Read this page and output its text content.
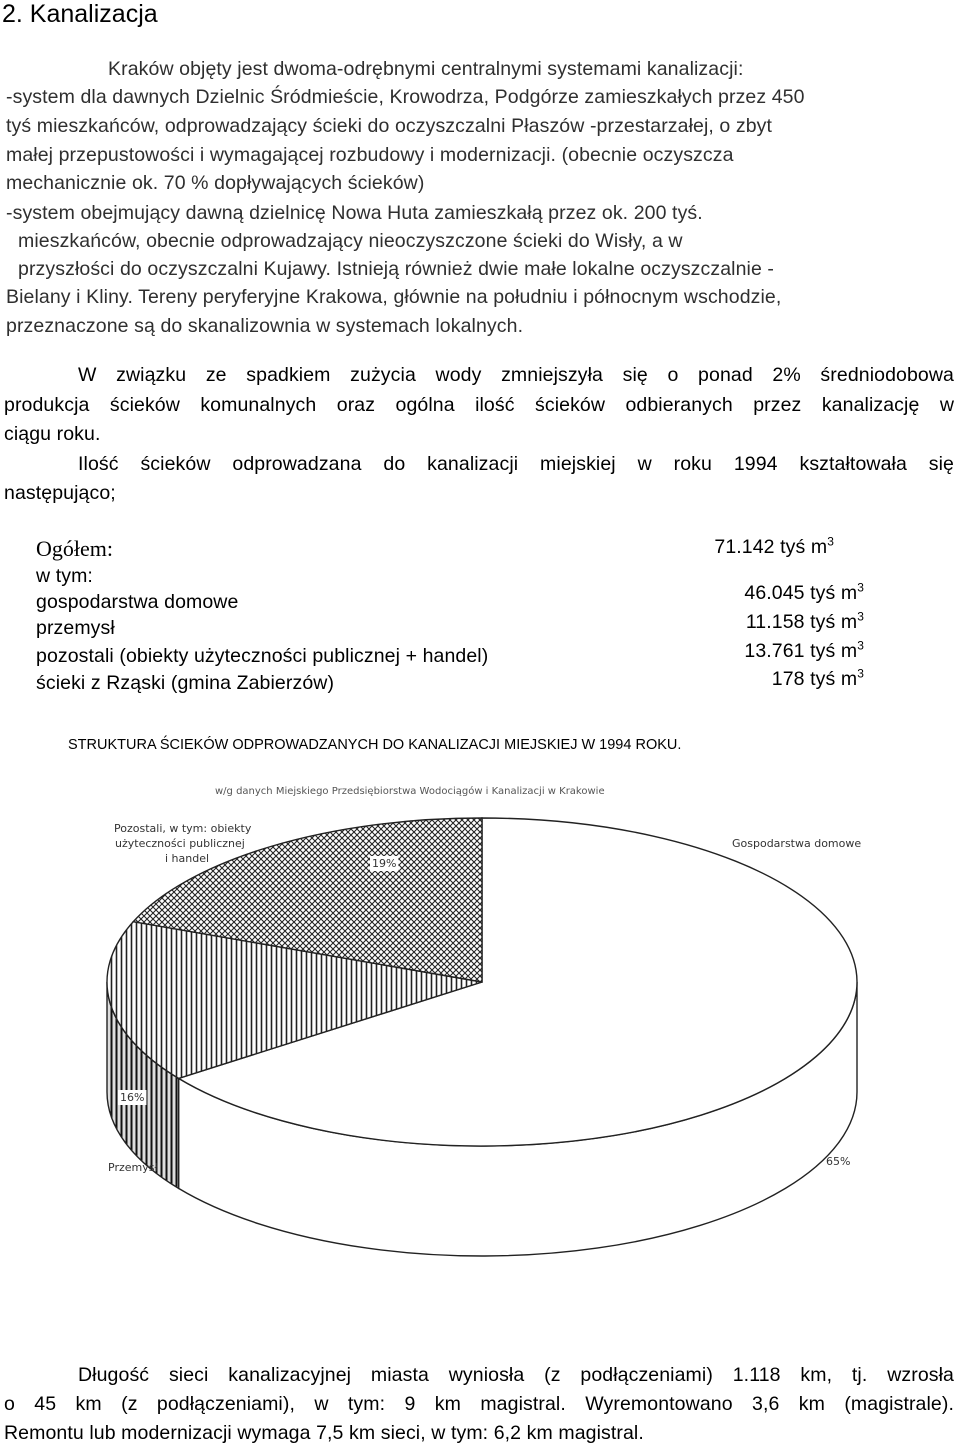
2. Kanalizacja
Kraków objęty jest dwoma-odrębnymi centralnymi systemami kanalizacji:
-system dla dawnych Dzielnic Śródmieście, Krowodrza, Podgórze zamieszkałych przez 450
tyś mieszkańców, odprowadzający ścieki do oczyszczalni Płaszów -przestarzałej, o zbyt
małej przepustowości i wymagającej rozbudowy i modernizacji. (obecnie oczyszcza
mechanicznie ok. 70 % dopływających ścieków)
-system obejmujący dawną dzielnicę Nowa Huta zamieszkałą przez ok. 200 tyś.
mieszkańców, obecnie odprowadzający nieoczyszczone ścieki do Wisły, a w
przyszłości do oczyszczalni Kujawy. Istnieją również dwie małe lokalne oczyszczalnie -
Bielany i Kliny. Tereny peryferyjne Krakowa, głównie na południu i północnym wschodzie,
przeznaczone są do skanalizownia w systemach lokalnych.
W związku ze spadkiem zużycia wody zmniejszyła się o ponad 2% średniodobowa
produkcja ścieków komunalnych oraz ogólna ilość ścieków odbieranych przez kanalizację w
ciągu roku.
Ilość ścieków odprowadzana do kanalizacji miejskiej w roku 1994 kształtowała się
następująco;
Ogółem:	71.142 tyś $m^3$
w tym:
gospodarstwa domowe	46.045 tyś $m^3$
przemysł	11.158 tyś $m^3$
pozostali (obiekty użyteczności publicznej + handel)	13.761 tyś $m^3$
ścieki z Rząski (gmina Zabierzów)	178 tyś $m^3$
STRUKTURA ŚCIEKÓW ODPROWADZANYCH DO KANALIZACJI MIEJSKIEJ W 1994 ROKU.
w/g danych Miejskiego Przedsiębiorstwa Wodociągów i Kanalizacji w Krakowie
Gospodarstwa domowe
65%
Przemysł
16%
Pozostali, w tym: obiekty
użyteczności publicznej
i handel	19%
Długość sieci kanalizacyjnej miasta wyniosła (z podłączeniami) 1.118 km, tj. wzrosła
o 45 km (z podłączeniami), w tym: 9 km magistral. Wyremontowano 3,6 km (magistrale).
Remontu lub modernizacji wymaga 7,5 km sieci, w tym: 6,2 km magistral.
